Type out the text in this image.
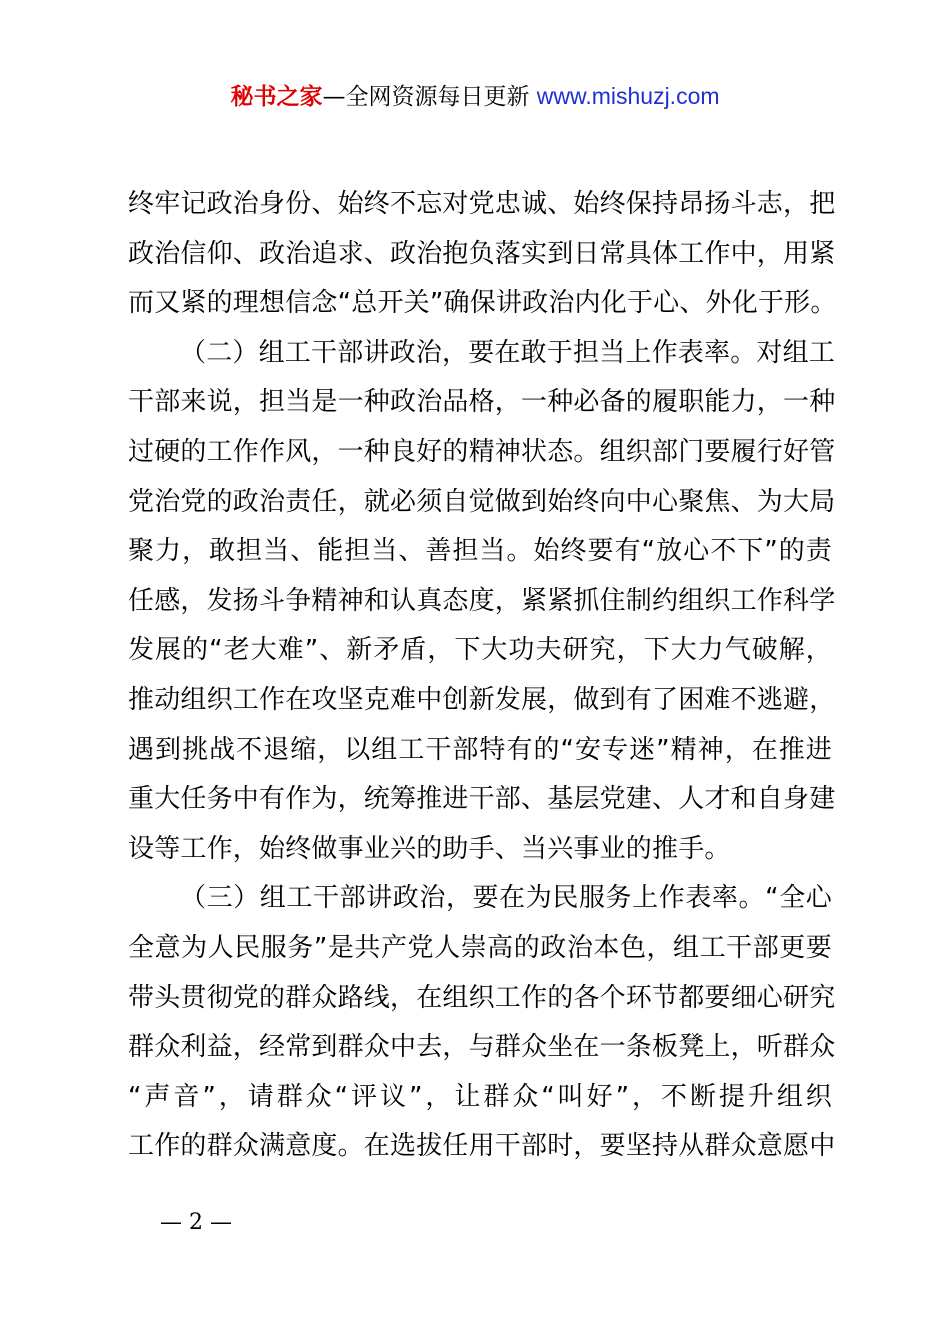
秘书之家—全网资源每日更新 www.mishuzj.com
终牢记政治身份、始终不忘对党忠诚、始终保持昂扬斗志，把
政治信仰、政治追求、政治抱负落实到日常具体工作中，用紧
而又紧的理想信念“总开关”确保讲政治内化于心、外化于形。
（二）组工干部讲政治，要在敢于担当上作表率。对组工
干部来说，担当是一种政治品格，一种必备的履职能力，一种
过硬的工作作风，一种良好的精神状态。组织部门要履行好管
党治党的政治责任，就必须自觉做到始终向中心聚焦、为大局
聚力，敢担当、能担当、善担当。始终要有“放心不下”的责
任感，发扬斗争精神和认真态度，紧紧抓住制约组织工作科学
发展的“老大难”、新矛盾，下大功夫研究，下大力气破解，
推动组织工作在攻坚克难中创新发展，做到有了困难不逃避，
遇到挑战不退缩，以组工干部特有的“安专迷”精神，在推进
重大任务中有作为，统筹推进干部、基层党建、人才和自身建
设等工作，始终做事业兴的助手、当兴事业的推手。
（三）组工干部讲政治，要在为民服务上作表率。“全心
全意为人民服务”是共产党人崇高的政治本色，组工干部更要
带头贯彻党的群众路线，在组织工作的各个环节都要细心研究
群众利益，经常到群众中去，与群众坐在一条板凳上，听群众
“声音”，请群众“评议”，让群众“叫好”，不断提升组织
工作的群众满意度。在选拔任用干部时，要坚持从群众意愿中
— 2 —
